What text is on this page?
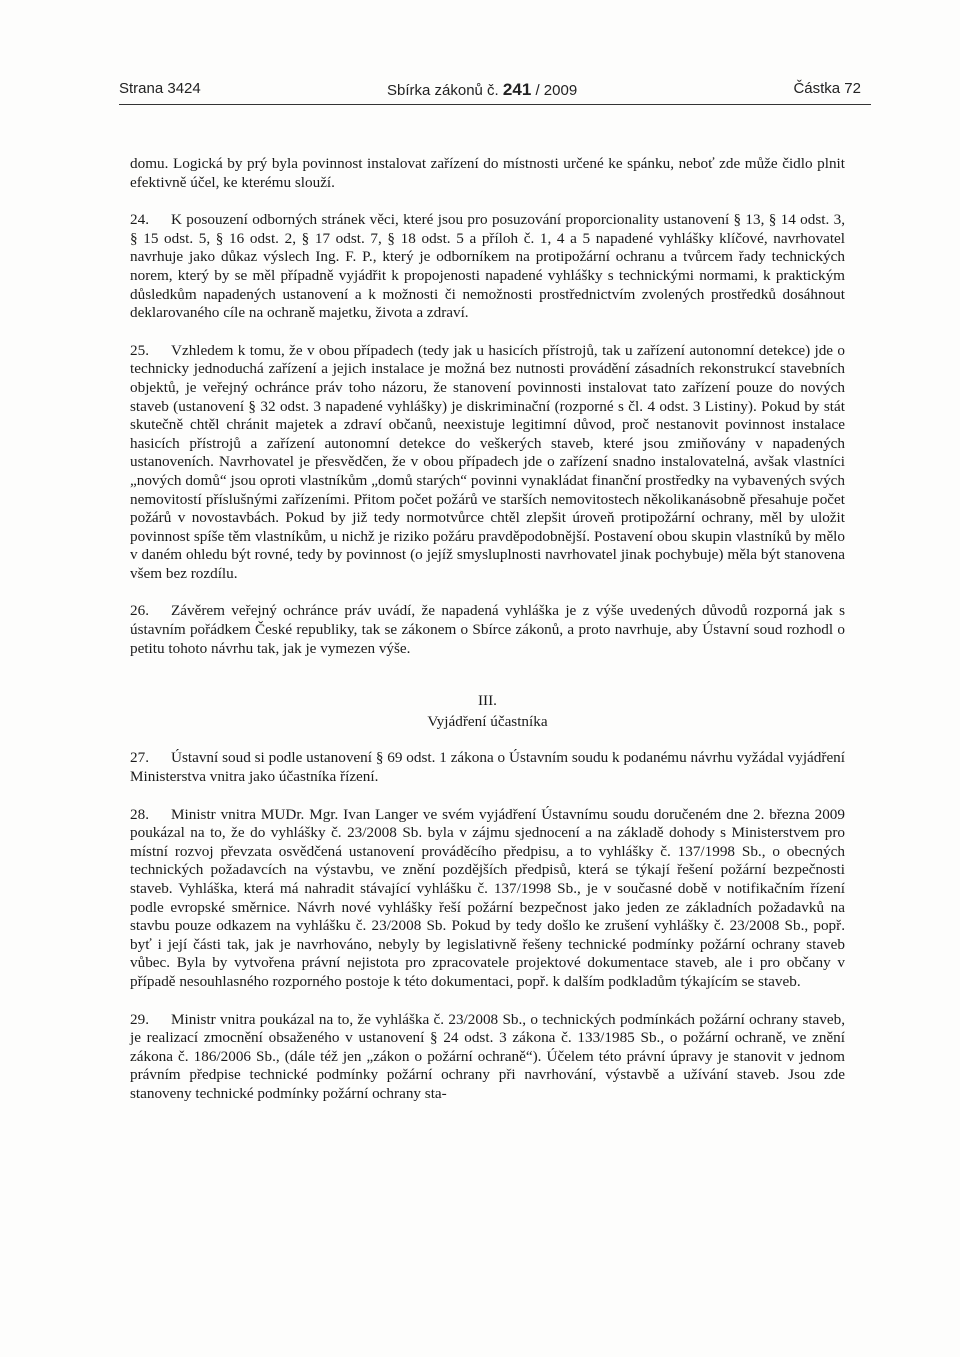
Strana 3424	Sbírka zákonů č. 241 / 2009	Částka 72

domu. Logická by prý byla povinnost instalovat zařízení do místnosti určené ke spánku, neboť zde může čidlo plnit efektivně účel, ke kterému slouží.

24. K posouzení odborných stránek věci, které jsou pro posuzování proporcionality ustanovení § 13, § 14 odst. 3, § 15 odst. 5, § 16 odst. 2, § 17 odst. 7, § 18 odst. 5 a příloh č. 1, 4 a 5 napadené vyhlášky klíčové, navrhovatel navrhuje jako důkaz výslech Ing. F. P., který je odborníkem na protipožární ochranu a tvůrcem řady technických norem, který by se měl případně vyjádřit k propojenosti napadené vyhlášky s technickými normami, k praktickým důsledkům napadených ustanovení a k možnosti či nemožnosti prostřednictvím zvolených prostředků dosáhnout deklarovaného cíle na ochraně majetku, života a zdraví.

25. Vzhledem k tomu, že v obou případech (tedy jak u hasicích přístrojů, tak u zařízení autonomní detekce) jde o technicky jednoduchá zařízení a jejich instalace je možná bez nutnosti provádění zásadních rekonstrukcí stavebních objektů, je veřejný ochránce práv toho názoru, že stanovení povinnosti instalovat tato zařízení pouze do nových staveb (ustanovení § 32 odst. 3 napadené vyhlášky) je diskriminační (rozporné s čl. 4 odst. 3 Listiny). Pokud by stát skutečně chtěl chránit majetek a zdraví občanů, neexistuje legitimní důvod, proč nestanovit povinnost instalace hasicích přístrojů a zařízení autonomní detekce do veškerých staveb, které jsou zmiňovány v napadených ustanoveních. Navrhovatel je přesvědčen, že v obou případech jde o zařízení snadno instalovatelná, avšak vlastníci „nových domů“ jsou oproti vlastníkům „domů starých“ povinni vynakládat finanční prostředky na vybavených svých nemovitostí příslušnými zařízeními. Přitom počet požárů ve starších nemovitostech několikanásobně přesahuje počet požárů v novostavbách. Pokud by již tedy normotvůrce chtěl zlepšit úroveň protipožární ochrany, měl by uložit povinnost spíše těm vlastníkům, u nichž je riziko požáru pravděpodobnější. Postavení obou skupin vlastníků by mělo v daném ohledu být rovné, tedy by povinnost (o jejíž smysluplnosti navrhovatel jinak pochybuje) měla být stanovena všem bez rozdílu.

26. Závěrem veřejný ochránce práv uvádí, že napadená vyhláška je z výše uvedených důvodů rozporná jak s ústavním pořádkem České republiky, tak se zákonem o Sbírce zákonů, a proto navrhuje, aby Ústavní soud rozhodl o petitu tohoto návrhu tak, jak je vymezen výše.

III.
Vyjádření účastníka

27. Ústavní soud si podle ustanovení § 69 odst. 1 zákona o Ústavním soudu k podanému návrhu vyžádal vyjádření Ministerstva vnitra jako účastníka řízení.

28. Ministr vnitra MUDr. Mgr. Ivan Langer ve svém vyjádření Ústavnímu soudu doručeném dne 2. března 2009 poukázal na to, že do vyhlášky č. 23/2008 Sb. byla v zájmu sjednocení a na základě dohody s Ministerstvem pro místní rozvoj převzata osvědčená ustanovení prováděcího předpisu, a to vyhlášky č. 137/1998 Sb., o obecných technických požadavcích na výstavbu, ve znění pozdějších předpisů, která se týkají řešení požární bezpečnosti staveb. Vyhláška, která má nahradit stávající vyhlášku č. 137/1998 Sb., je v současné době v notifikačním řízení podle evropské směrnice. Návrh nové vyhlášky řeší požární bezpečnost jako jeden ze základních požadavků na stavbu pouze odkazem na vyhlášku č. 23/2008 Sb. Pokud by tedy došlo ke zrušení vyhlášky č. 23/2008 Sb., popř. byť i její části tak, jak je navrhováno, nebyly by legislativně řešeny technické podmínky požární ochrany staveb vůbec. Byla by vytvořena právní nejistota pro zpracovatele projektové dokumentace staveb, ale i pro občany v případě nesouhlasného rozporného postoje k této dokumentaci, popř. k dalším podkladům týkajícím se staveb.

29. Ministr vnitra poukázal na to, že vyhláška č. 23/2008 Sb., o technických podmínkách požární ochrany staveb, je realizací zmocnění obsaženého v ustanovení § 24 odst. 3 zákona č. 133/1985 Sb., o požární ochraně, ve znění zákona č. 186/2006 Sb., (dále též jen „zákon o požární ochraně“). Účelem této právní úpravy je stanovit v jednom právním předpise technické podmínky požární ochrany při navrhování, výstavbě a užívání staveb. Jsou zde stanoveny technické podmínky požární ochrany sta-
